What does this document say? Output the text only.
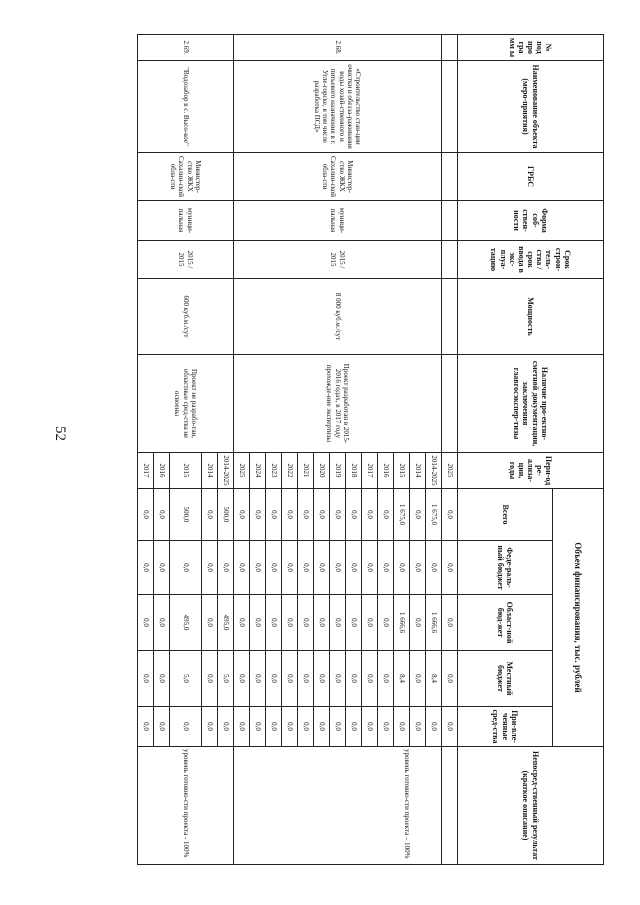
52
№ под про гра мм ы	Наименование объекта (меро-приятия)	ГРБС	Форма соб-ствен-ности	Срок строи-тель-ства / срок ввода в экс-плуа-тацию	Мощность	Наличие про-ектно-сметной документации, заключения главгосэкспер-тизы	Пери-од ре-ализа-ции, годы	Объем финансирования, тыс. рублей					Непосред-ственный результат (краткое описание)
								Всего	Феде-раль-ный бюджет	Област-ной бюд-жет	Местный бюджет	При-вле-ченные сред-ства	
							2025	0,0	0,0	0,0	0,0	0,0	
2.68.	«Строительство стан-ции очистки и обезза-раживания воды хозяй-ственного и питьевого назначения в г. Угле-горске, в том числе разработка ПСД»	Министер-ство ЖКХ Сахалин-ской обла-сти	муници-пальная	2015 / 2015	8 000 куб.м./сут	Проект разработан в 2015-2016 годах, в 2017 году прохожде-ние экспертизы	2014-2025	1 675,0	0,0	1 666,6	8,4	0,0	уровень готовно-сти проекта – 100%
							2014	0,0	0,0	0,0	0,0	0,0	
							2015	1 675,0	0,0	1 666,6	8,4	0,0	
							2016	0,0	0,0	0,0	0,0	0,0	
							2017	0,0	0,0	0,0	0,0	0,0	
							2018	0,0	0,0	0,0	0,0	0,0	
							2019	0,0	0,0	0,0	0,0	0,0	
							2020	0,0	0,0	0,0	0,0	0,0	
							2021	0,0	0,0	0,0	0,0	0,0	
							2022	0,0	0,0	0,0	0,0	0,0	
							2023	0,0	0,0	0,0	0,0	0,0	
							2024	0,0	0,0	0,0	0,0	0,0	
							2025	0,0	0,0	0,0	0,0	0,0	
2.69.	"Водозабор в с. Высо-кое"	Министер-ство ЖКХ Сахалин-ской обла-сти	муници-пальная	2015 / 2015	600 куб.м./сут	Проект не разрабо-тан, областные сред-ства не освоены	2014-2025	500,0	0,0	495,0	5,0	0,0	уровень готовно-сти проекта - 100%
							2014	0,0	0,0	0,0	0,0	0,0	
							2015	500,0	0,0	495,0	5,0	0,0	
							2016	0,0	0,0	0,0	0,0	0,0	
							2017	0,0	0,0	0,0	0,0	0,0	
